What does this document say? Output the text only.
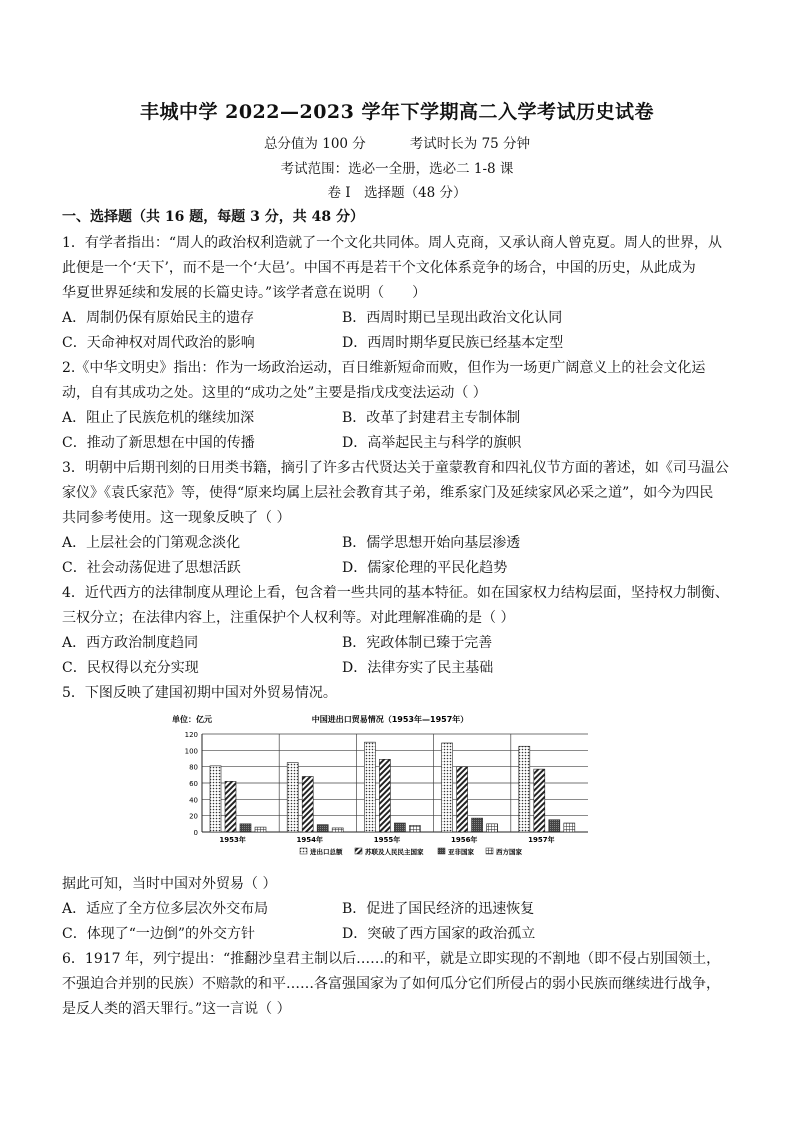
丰城中学 2022—2023 学年下学期高二入学考试历史试卷
总分值为 100 分	考试时长为 75 分钟
考试范围：选必一全册，选必二 1-8 课
卷 I　选择题（48 分）
一、选择题（共 16 题，每题 3 分，共 48 分）
1．有学者指出：“周人的政治权利造就了一个文化共同体。周人克商，又承认商人曾克夏。周人的世界，从
此便是一个‘天下’，而不是一个‘大邑’。中国不再是若干个文化体系竞争的场合，中国的历史，从此成为
华夏世界延续和发展的长篇史诗。”该学者意在说明（　　）
A．周制仍保有原始民主的遗存	B．西周时期已呈现出政治文化认同
C．天命神权对周代政治的影响	D．西周时期华夏民族已经基本定型
2.《中华文明史》指出：作为一场政治运动，百日维新短命而败，但作为一场更广阔意义上的社会文化运
动，自有其成功之处。这里的“成功之处”主要是指戊戌变法运动（ ）
A．阻止了民族危机的继续加深	B．改革了封建君主专制体制
C．推动了新思想在中国的传播	D．高举起民主与科学的旗帜
3．明朝中后期刊刻的日用类书籍，摘引了许多古代贤达关于童蒙教育和四礼仪节方面的著述，如《司马温公
家仪》《袁氏家范》等，使得“原来均属上层社会教育其子弟，维系家门及延续家风必采之道”，如今为四民
共同参考使用。这一现象反映了（ ）
A．上层社会的门第观念淡化	B．儒学思想开始向基层渗透
C．社会动荡促进了思想活跃	D．儒家伦理的平民化趋势
4．近代西方的法律制度从理论上看，包含着一些共同的基本特征。如在国家权力结构层面，坚持权力制衡、
三权分立；在法律内容上，注重保护个人权利等。对此理解准确的是（ ）
A．西方政治制度趋同	B．宪政体制已臻于完善
C．民权得以充分实现	D．法律夯实了民主基础
5．下图反映了建国初期中国对外贸易情况。
单位：亿元	中国进出口贸易情况（1953年—1957年）
0
20
40
60
80
100
120
1953年	1954年	1955年	1956年	1957年
进出口总额	苏联及人民民主国家	亚非国家	西方国家
据此可知，当时中国对外贸易（ ）
A．适应了全方位多层次外交布局	B．促进了国民经济的迅速恢复
C．体现了“一边倒”的外交方针	D．突破了西方国家的政治孤立
6．1917 年，列宁提出：“推翻沙皇君主制以后……的和平，就是立即实现的不割地（即不侵占别国领土，
不强迫合并别的民族）不赔款的和平……各富强国家为了如何瓜分它们所侵占的弱小民族而继续进行战争，
是反人类的滔天罪行。”这一言说（ ）
